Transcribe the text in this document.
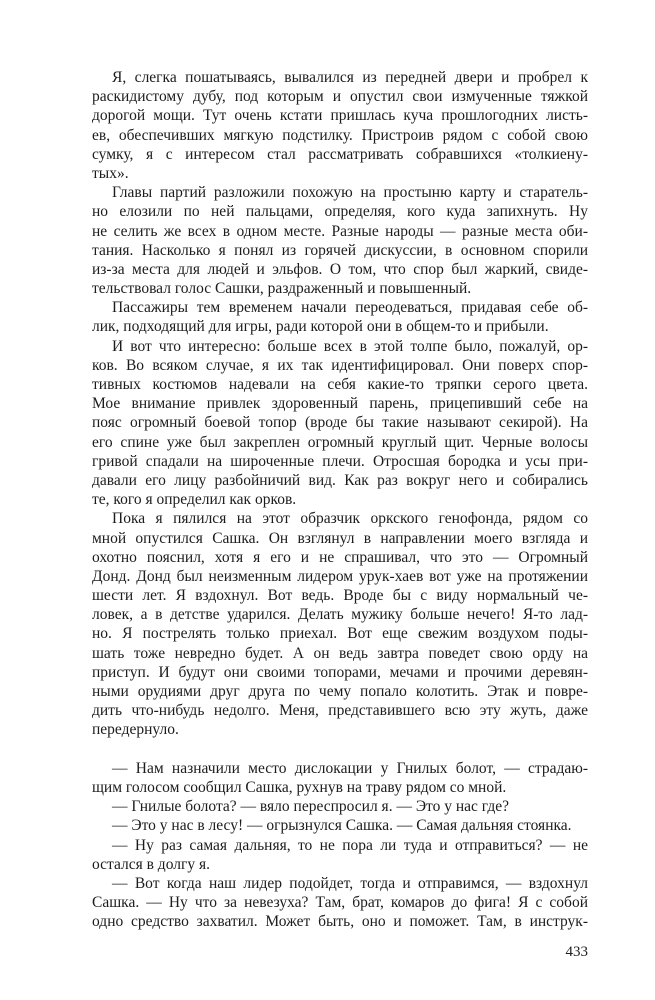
Я, слегка пошатываясь, вывалился из передней двери и пробрел к
раскидистому дубу, под которым и опустил свои измученные тяжкой
дорогой мощи. Тут очень кстати пришлась куча прошлогодних листь-
ев, обеспечивших мягкую подстилку. Пристроив рядом с собой свою
сумку, я с интересом стал рассматривать собравшихся «толкиену-
тых».
Главы партий разложили похожую на простыню карту и старатель-
но елозили по ней пальцами, определяя, кого куда запихнуть. Ну
не селить же всех в одном месте. Разные народы — разные места оби-
тания. Насколько я понял из горячей дискуссии, в основном спорили
из-за места для людей и эльфов. О том, что спор был жаркий, свиде-
тельствовал голос Сашки, раздраженный и повышенный.
Пассажиры тем временем начали переодеваться, придавая себе об-
лик, подходящий для игры, ради которой они в общем-то и прибыли.
И вот что интересно: больше всех в этой толпе было, пожалуй, ор-
ков. Во всяком случае, я их так идентифицировал. Они поверх спор-
тивных костюмов надевали на себя какие-то тряпки серого цвета.
Мое внимание привлек здоровенный парень, прицепивший себе на
пояс огромный боевой топор (вроде бы такие называют секирой). На
его спине уже был закреплен огромный круглый щит. Черные волосы
гривой спадали на широченные плечи. Отросшая бородка и усы при-
давали его лицу разбойничий вид. Как раз вокруг него и собирались
те, кого я определил как орков.
Пока я пялился на этот образчик оркского генофонда, рядом со
мной опустился Сашка. Он взглянул в направлении моего взгляда и
охотно пояснил, хотя я его и не спрашивал, что это — Огромный
Донд. Донд был неизменным лидером урук-хаев вот уже на протяжении
шести лет. Я вздохнул. Вот ведь. Вроде бы с виду нормальный че-
ловек, а в детстве ударился. Делать мужику больше нечего! Я-то лад-
но. Я пострелять только приехал. Вот еще свежим воздухом поды-
шать тоже невредно будет. А он ведь завтра поведет свою орду на
приступ. И будут они своими топорами, мечами и прочими деревян-
ными орудиями друг друга по чему попало колотить. Этак и повре-
дить что-нибудь недолго. Меня, представившего всю эту жуть, даже
передернуло.
— Нам назначили место дислокации у Гнилых болот, — страдаю-
щим голосом сообщил Сашка, рухнув на траву рядом со мной.
— Гнилые болота? — вяло переспросил я. — Это у нас где?
— Это у нас в лесу! — огрызнулся Сашка. — Самая дальняя стоянка.
— Ну раз самая дальняя, то не пора ли туда и отправиться? — не
остался в долгу я.
— Вот когда наш лидер подойдет, тогда и отправимся, — вздохнул
Сашка. — Ну что за невезуха? Там, брат, комаров до фига! Я с собой
одно средство захватил. Может быть, оно и поможет. Там, в инструк-
433
